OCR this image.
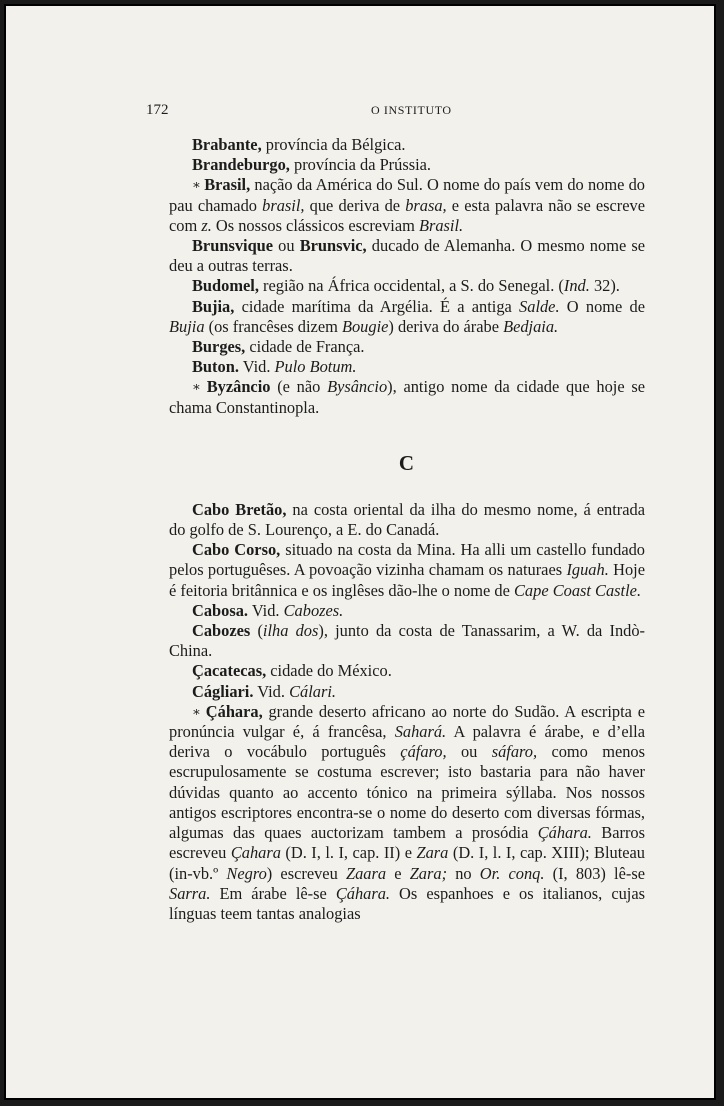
172	O INSTITUTO

Brabante, província da Bélgica.

Brandeburgo, província da Prússia.

∗ Brasil, nação da América do Sul. O nome do país vem do nome do pau chamado brasil, que deriva de brasa, e esta palavra não se escreve com z. Os nossos clássicos escreviam Brasil.

Brunsvique ou Brunsvic, ducado de Alemanha. O mesmo nome se deu a outras terras.

Budomel, região na África occidental, a S. do Senegal. (Ind. 32).

Bujia, cidade marítima da Argélia. É a antiga Salde. O nome de Bujia (os francêses dizem Bougie) deriva do árabe Bedjaia.

Burges, cidade de França.

Buton. Vid. Pulo Botum.

∗ Byzâncio (e não Bysâncio), antigo nome da cidade que hoje se chama Constantinopla.

C

Cabo Bretão, na costa oriental da ilha do mesmo nome, á entrada do golfo de S. Lourenço, a E. do Canadá.

Cabo Corso, situado na costa da Mina. Ha alli um castello fundado pelos portuguêses. A povoação vizinha chamam os naturaes Iguah. Hoje é feitoria britânnica e os inglêses dão-lhe o nome de Cape Coast Castle.

Cabosa. Vid. Cabozes.

Cabozes (ilha dos), junto da costa de Tanassarim, a W. da Indò-China.

Çacatecas, cidade do México.

Cágliari. Vid. Cálari.

∗ Çáhara, grande deserto africano ao norte do Sudão. A escripta e pronúncia vulgar é, á francêsa, Sahará. A palavra é árabe, e d’ella deriva o vocábulo português çáfaro, ou sáfaro, como menos escrupulosamente se costuma escrever; isto bastaria para não haver dúvidas quanto ao accento tónico na primeira sýllaba. Nos nossos antigos escriptores encontra-se o nome do deserto com diversas fórmas, algumas das quaes auctorizam tambem a prosódia Çáhara. Barros escreveu Çahara (D. I, l. I, cap. II) e Zara (D. I, l. I, cap. XIII); Bluteau (in-vb.º Negro) escreveu Zaara e Zara; no Or. conq. (I, 803) lê-se Sarra. Em árabe lê-se Çáhara. Os espanhoes e os italianos, cujas línguas teem tantas analogias
